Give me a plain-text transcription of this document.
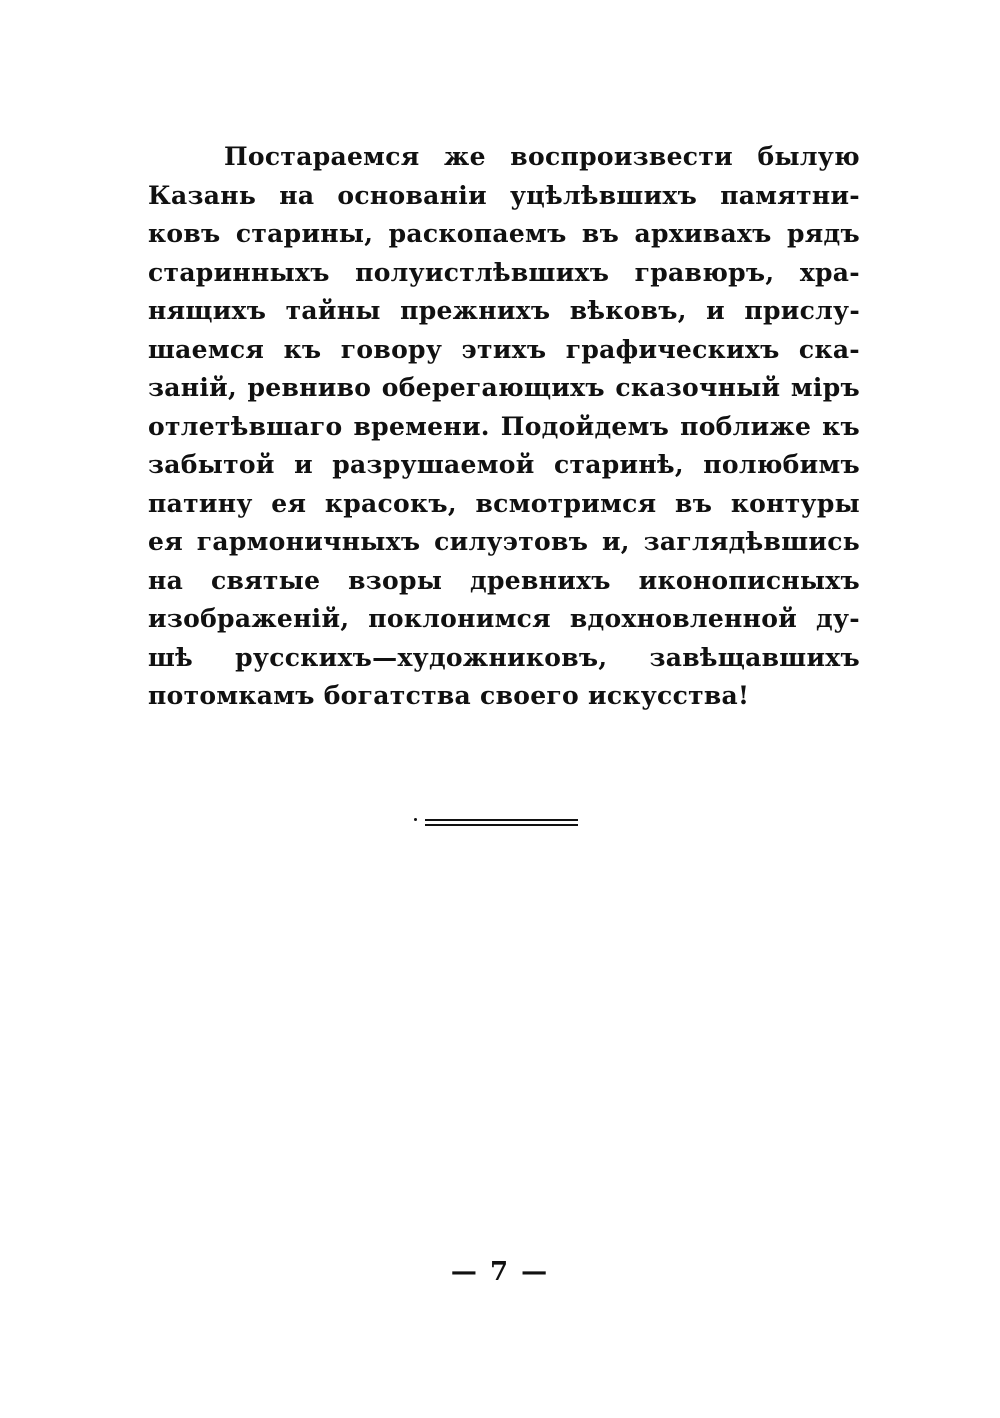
Постараемся же воспроизвести былую
Казань на основанiи уцѣлѣвшихъ памятни-
ковъ старины, раскопаемъ въ архивахъ рядъ
старинныхъ полуистлѣвшихъ гравюръ, хра-
нящихъ тайны прежнихъ вѣковъ, и прислу-
шаемся къ говору этихъ графическихъ ска-
занiй, ревниво оберегающихъ сказочный мiръ
отлетѣвшаго времени. Подойдемъ поближе къ
забытой и разрушаемой старинѣ, полюбимъ
патину ея красокъ, всмотримся въ контуры
ея гармоничныхъ силуэтовъ и, заглядѣвшись
на святые взоры древнихъ иконописныхъ
изображенiй, поклонимся вдохновленной ду-
шѣ русскихъ—художниковъ, завѣщавшихъ
потомкамъ богатства своего искусства!
— 7 —
